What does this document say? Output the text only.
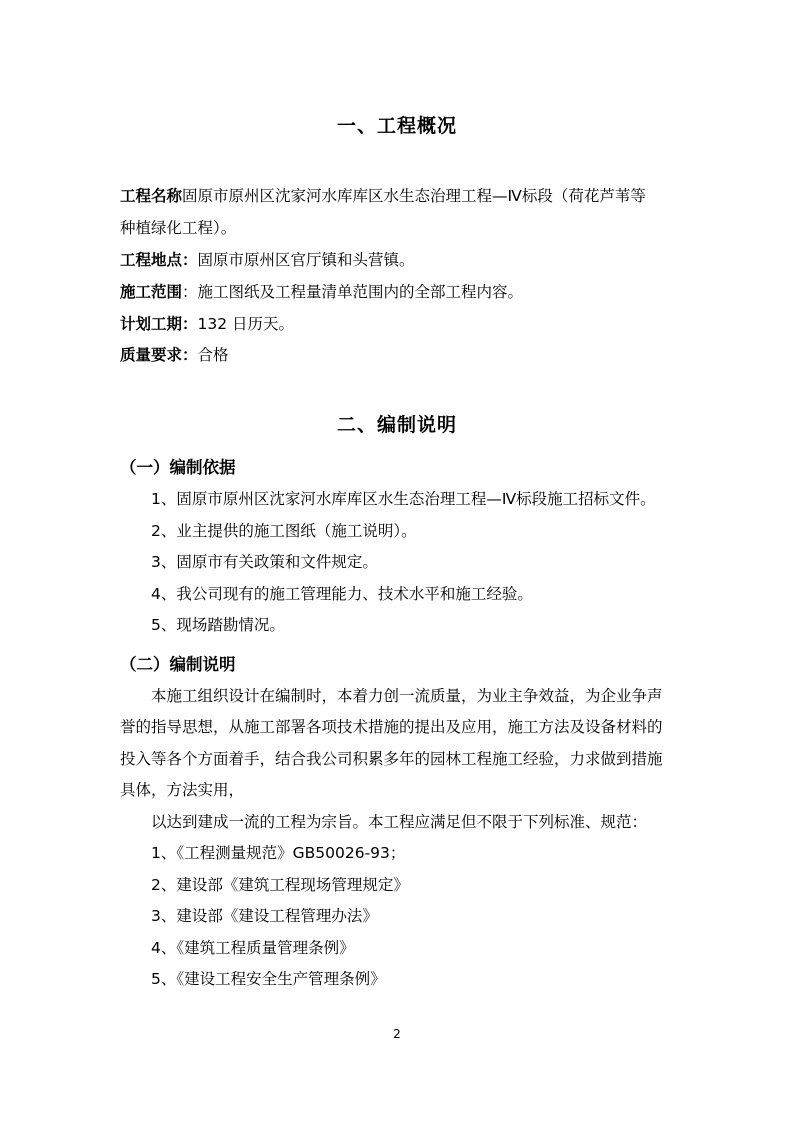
一、工程概况
工程名称固原市原州区沈家河水库库区水生态治理工程—Ⅳ标段（荷花芦苇等
种植绿化工程）。
工程地点：固原市原州区官厅镇和头营镇。
施工范围：施工图纸及工程量清单范围内的全部工程内容。
计划工期：132 日历天。
质量要求：合格
二、编制说明
（一）编制依据
1、固原市原州区沈家河水库库区水生态治理工程—Ⅳ标段施工招标文件。
2、业主提供的施工图纸（施工说明）。
3、固原市有关政策和文件规定。
4、我公司现有的施工管理能力、技术水平和施工经验。
5、现场踏勘情况。
（二）编制说明
本施工组织设计在编制时，本着力创一流质量，为业主争效益，为企业争声
誉的指导思想，从施工部署各项技术措施的提出及应用，施工方法及设备材料的
投入等各个方面着手，结合我公司积累多年的园林工程施工经验，力求做到措施
具体，方法实用，
以达到建成一流的工程为宗旨。本工程应满足但不限于下列标准、规范：
1、《工程测量规范》GB50026-93；
2、建设部《建筑工程现场管理规定》
3、建设部《建设工程管理办法》
4、《建筑工程质量管理条例》
5、《建设工程安全生产管理条例》
2
